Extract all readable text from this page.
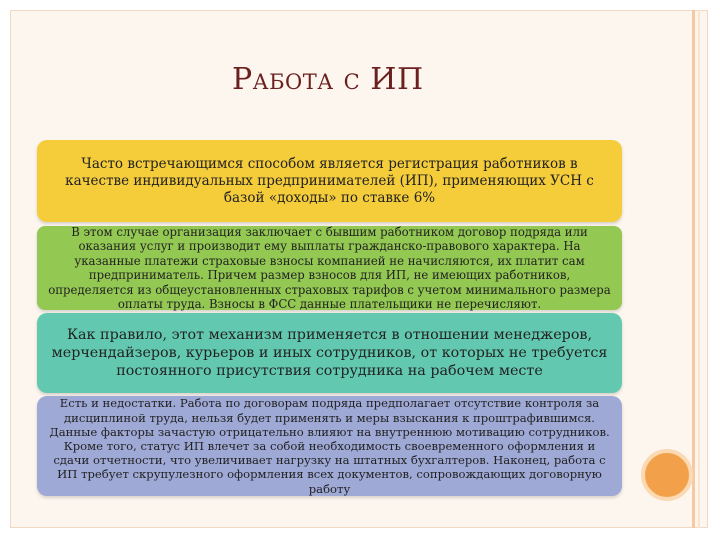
Работа с ИП

Часто встречающимся способом является регистрация работников в качестве индивидуальных предпринимателей (ИП), применяющих УСН с базой «доходы» по ставке 6%

В этом случае организация заключает с бывшим работником договор подряда или оказания услуг и производит ему выплаты гражданско-правового характера. На указанные платежи страховые взносы компанией не начисляются, их платит сам предприниматель. Причем размер взносов для ИП, не имеющих работников, определяется из общеустановленных страховых тарифов с учетом минимального размера оплаты труда. Взносы в ФСС данные плательщики не перечисляют.

Как правило, этот механизм применяется в отношении менеджеров, мерчендайзеров, курьеров и иных сотрудников, от которых не требуется постоянного присутствия сотрудника на рабочем месте

Есть и недостатки. Работа по договорам подряда предполагает отсутствие контроля за дисциплиной труда, нельзя будет применять и меры взыскания к проштрафившимся. Данные факторы зачастую отрицательно влияют на внутреннюю мотивацию сотрудников. Кроме того, статус ИП влечет за собой необходимость своевременного оформления и сдачи отчетности, что увеличивает нагрузку на штатных бухгалтеров. Наконец, работа с ИП требует скрупулезного оформления всех документов, сопровождающих договорную работу
